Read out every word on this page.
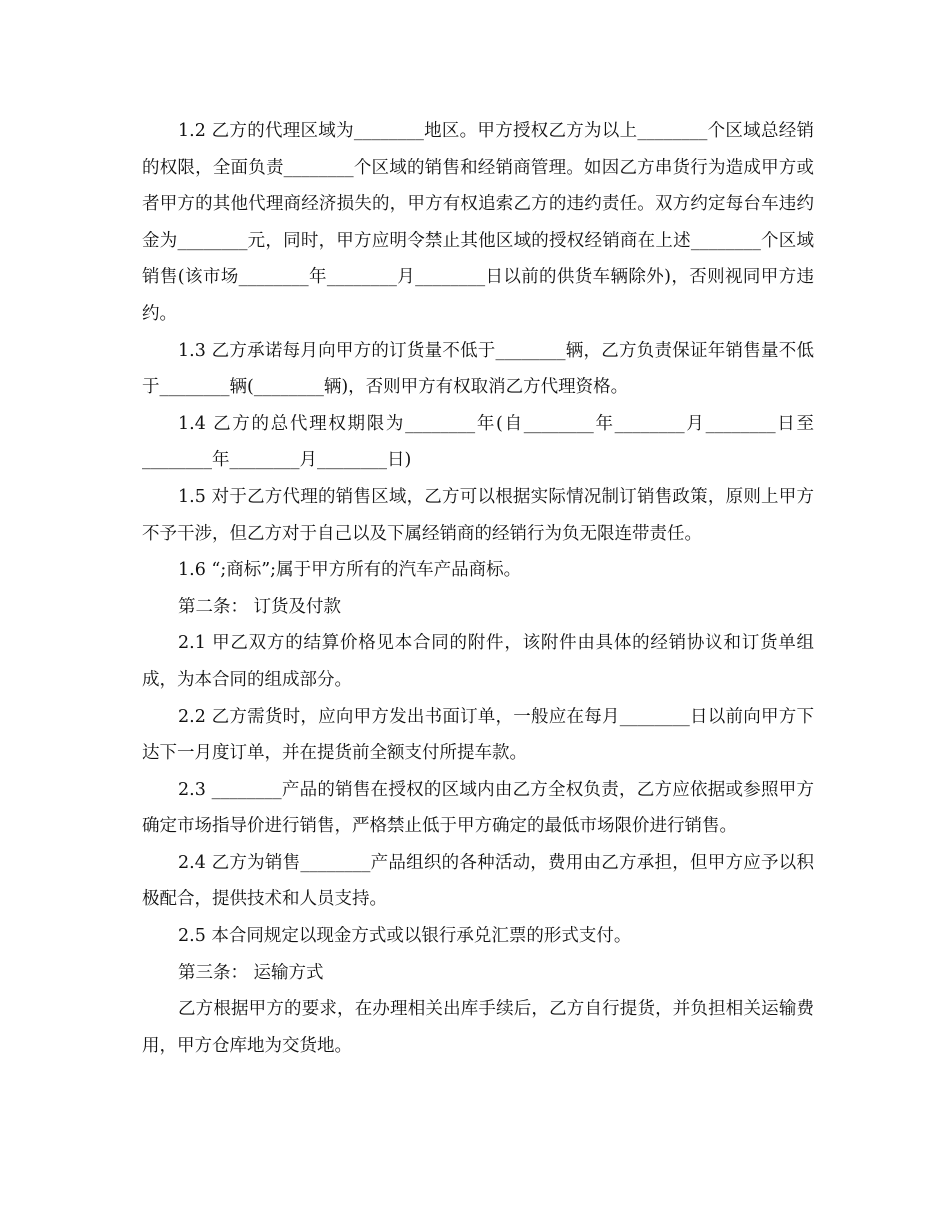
1.2 乙方的代理区域为________地区。甲方授权乙方为以上________个区域总经销的权限，全面负责________个区域的销售和经销商管理。如因乙方串货行为造成甲方或者甲方的其他代理商经济损失的，甲方有权追索乙方的违约责任。双方约定每台车违约金为________元，同时，甲方应明令禁止其他区域的授权经销商在上述________个区域销售(该市场________年________月________日以前的供货车辆除外)，否则视同甲方违约。

1.3 乙方承诺每月向甲方的订货量不低于________辆，乙方负责保证年销售量不低于________辆(________辆)，否则甲方有权取消乙方代理资格。

1.4 乙方的总代理权期限为________年(自________年________月________日至________年________月________日)

1.5 对于乙方代理的销售区域，乙方可以根据实际情况制订销售政策，原则上甲方不予干涉，但乙方对于自己以及下属经销商的经销行为负无限连带责任。

1.6 “;商标”;属于甲方所有的汽车产品商标。

第二条： 订货及付款

2.1 甲乙双方的结算价格见本合同的附件，该附件由具体的经销协议和订货单组成，为本合同的组成部分。

2.2 乙方需货时，应向甲方发出书面订单，一般应在每月________日以前向甲方下达下一月度订单，并在提货前全额支付所提车款。

2.3 ________产品的销售在授权的区域内由乙方全权负责，乙方应依据或参照甲方确定市场指导价进行销售，严格禁止低于甲方确定的最低市场限价进行销售。

2.4 乙方为销售________产品组织的各种活动，费用由乙方承担，但甲方应予以积极配合，提供技术和人员支持。

2.5 本合同规定以现金方式或以银行承兑汇票的形式支付。

第三条： 运输方式

乙方根据甲方的要求，在办理相关出库手续后，乙方自行提货，并负担相关运输费用，甲方仓库地为交货地。
